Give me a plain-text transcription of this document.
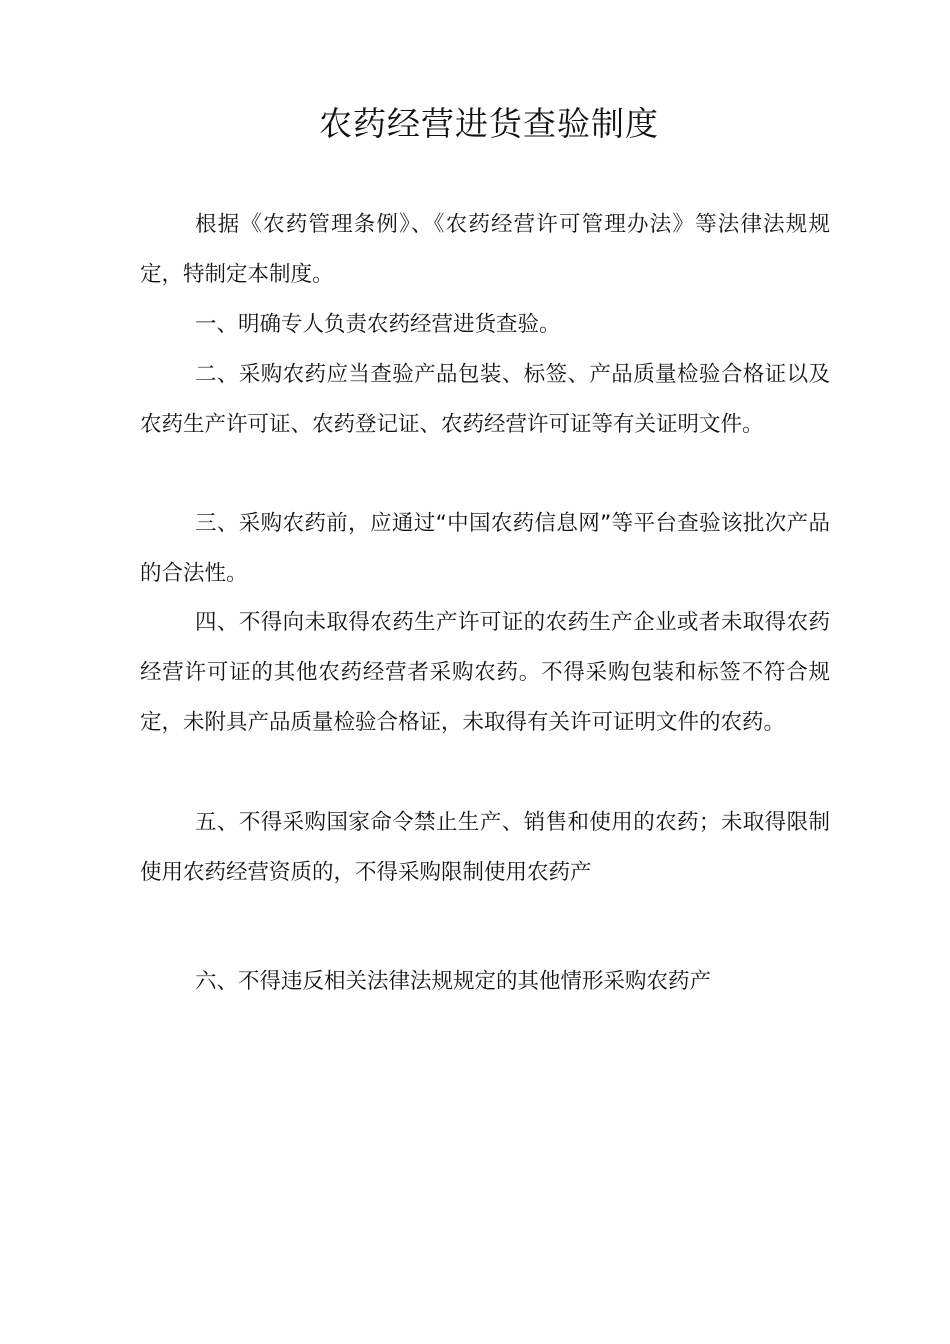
农药经营进货查验制度

根据《农药管理条例》、《农药经营许可管理办法》等法律法规规定，特制定本制度。

一、明确专人负责农药经营进货查验。

二、采购农药应当查验产品包装、标签、产品质量检验合格证以及农药生产许可证、农药登记证、农药经营许可证等有关证明文件。

三、采购农药前，应通过“中国农药信息网”等平台查验该批次产品的合法性。

四、不得向未取得农药生产许可证的农药生产企业或者未取得农药经营许可证的其他农药经营者采购农药。不得采购包装和标签不符合规定，未附具产品质量检验合格证，未取得有关许可证明文件的农药。

五、不得采购国家命令禁止生产、销售和使用的农药；未取得限制使用农药经营资质的，不得采购限制使用农药产

六、不得违反相关法律法规规定的其他情形采购农药产
